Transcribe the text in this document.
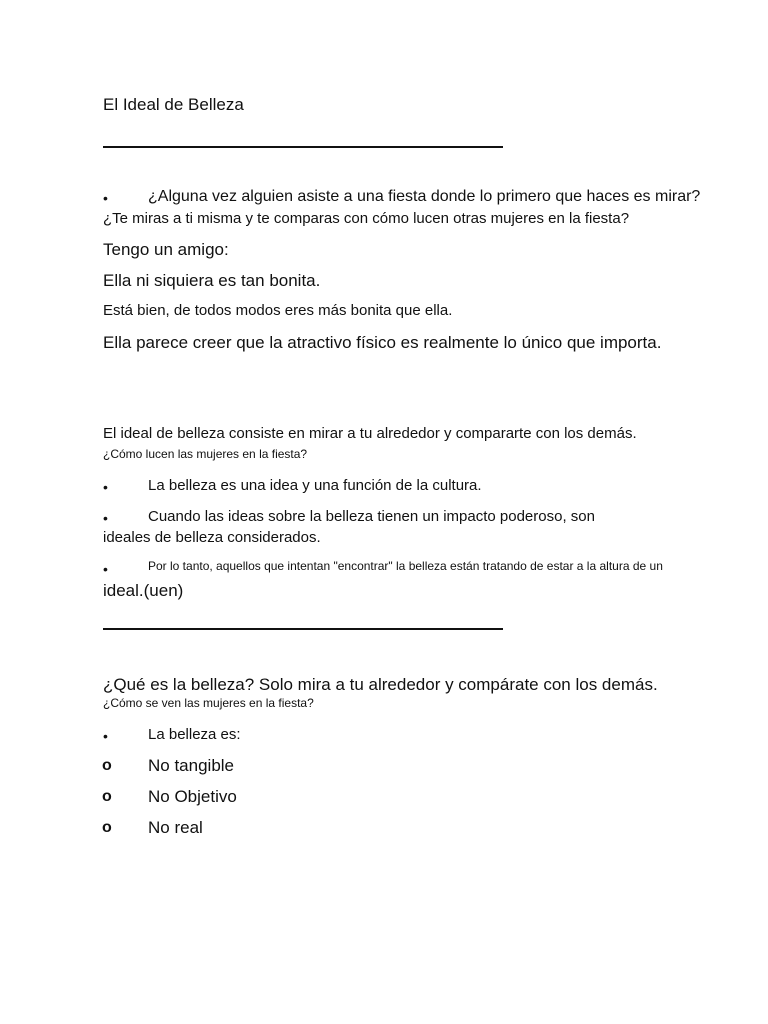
El Ideal de Belleza
•	¿Alguna vez alguien asiste a una fiesta donde lo primero que haces es mirar?
¿Te miras a ti misma y te comparas con cómo lucen otras mujeres en la fiesta?
Tengo un amigo:
Ella ni siquiera es tan bonita.
Está bien, de todos modos eres más bonita que ella.
Ella parece creer que la atractivo físico es realmente lo único que importa.
El ideal de belleza consiste en mirar a tu alrededor y compararte con los demás.
¿Cómo lucen las mujeres en la fiesta?
•	La belleza es una idea y una función de la cultura.
•	Cuando las ideas sobre la belleza tienen un impacto poderoso, son
ideales de belleza considerados.
•	Por lo tanto, aquellos que intentan "encontrar" la belleza están tratando de estar a la altura de un
ideal.(uen)
¿Qué es la belleza? Solo mira a tu alrededor y compárate con los demás.
¿Cómo se ven las mujeres en la fiesta?
•	La belleza es:
o No tangible
o No Objetivo
o No real
